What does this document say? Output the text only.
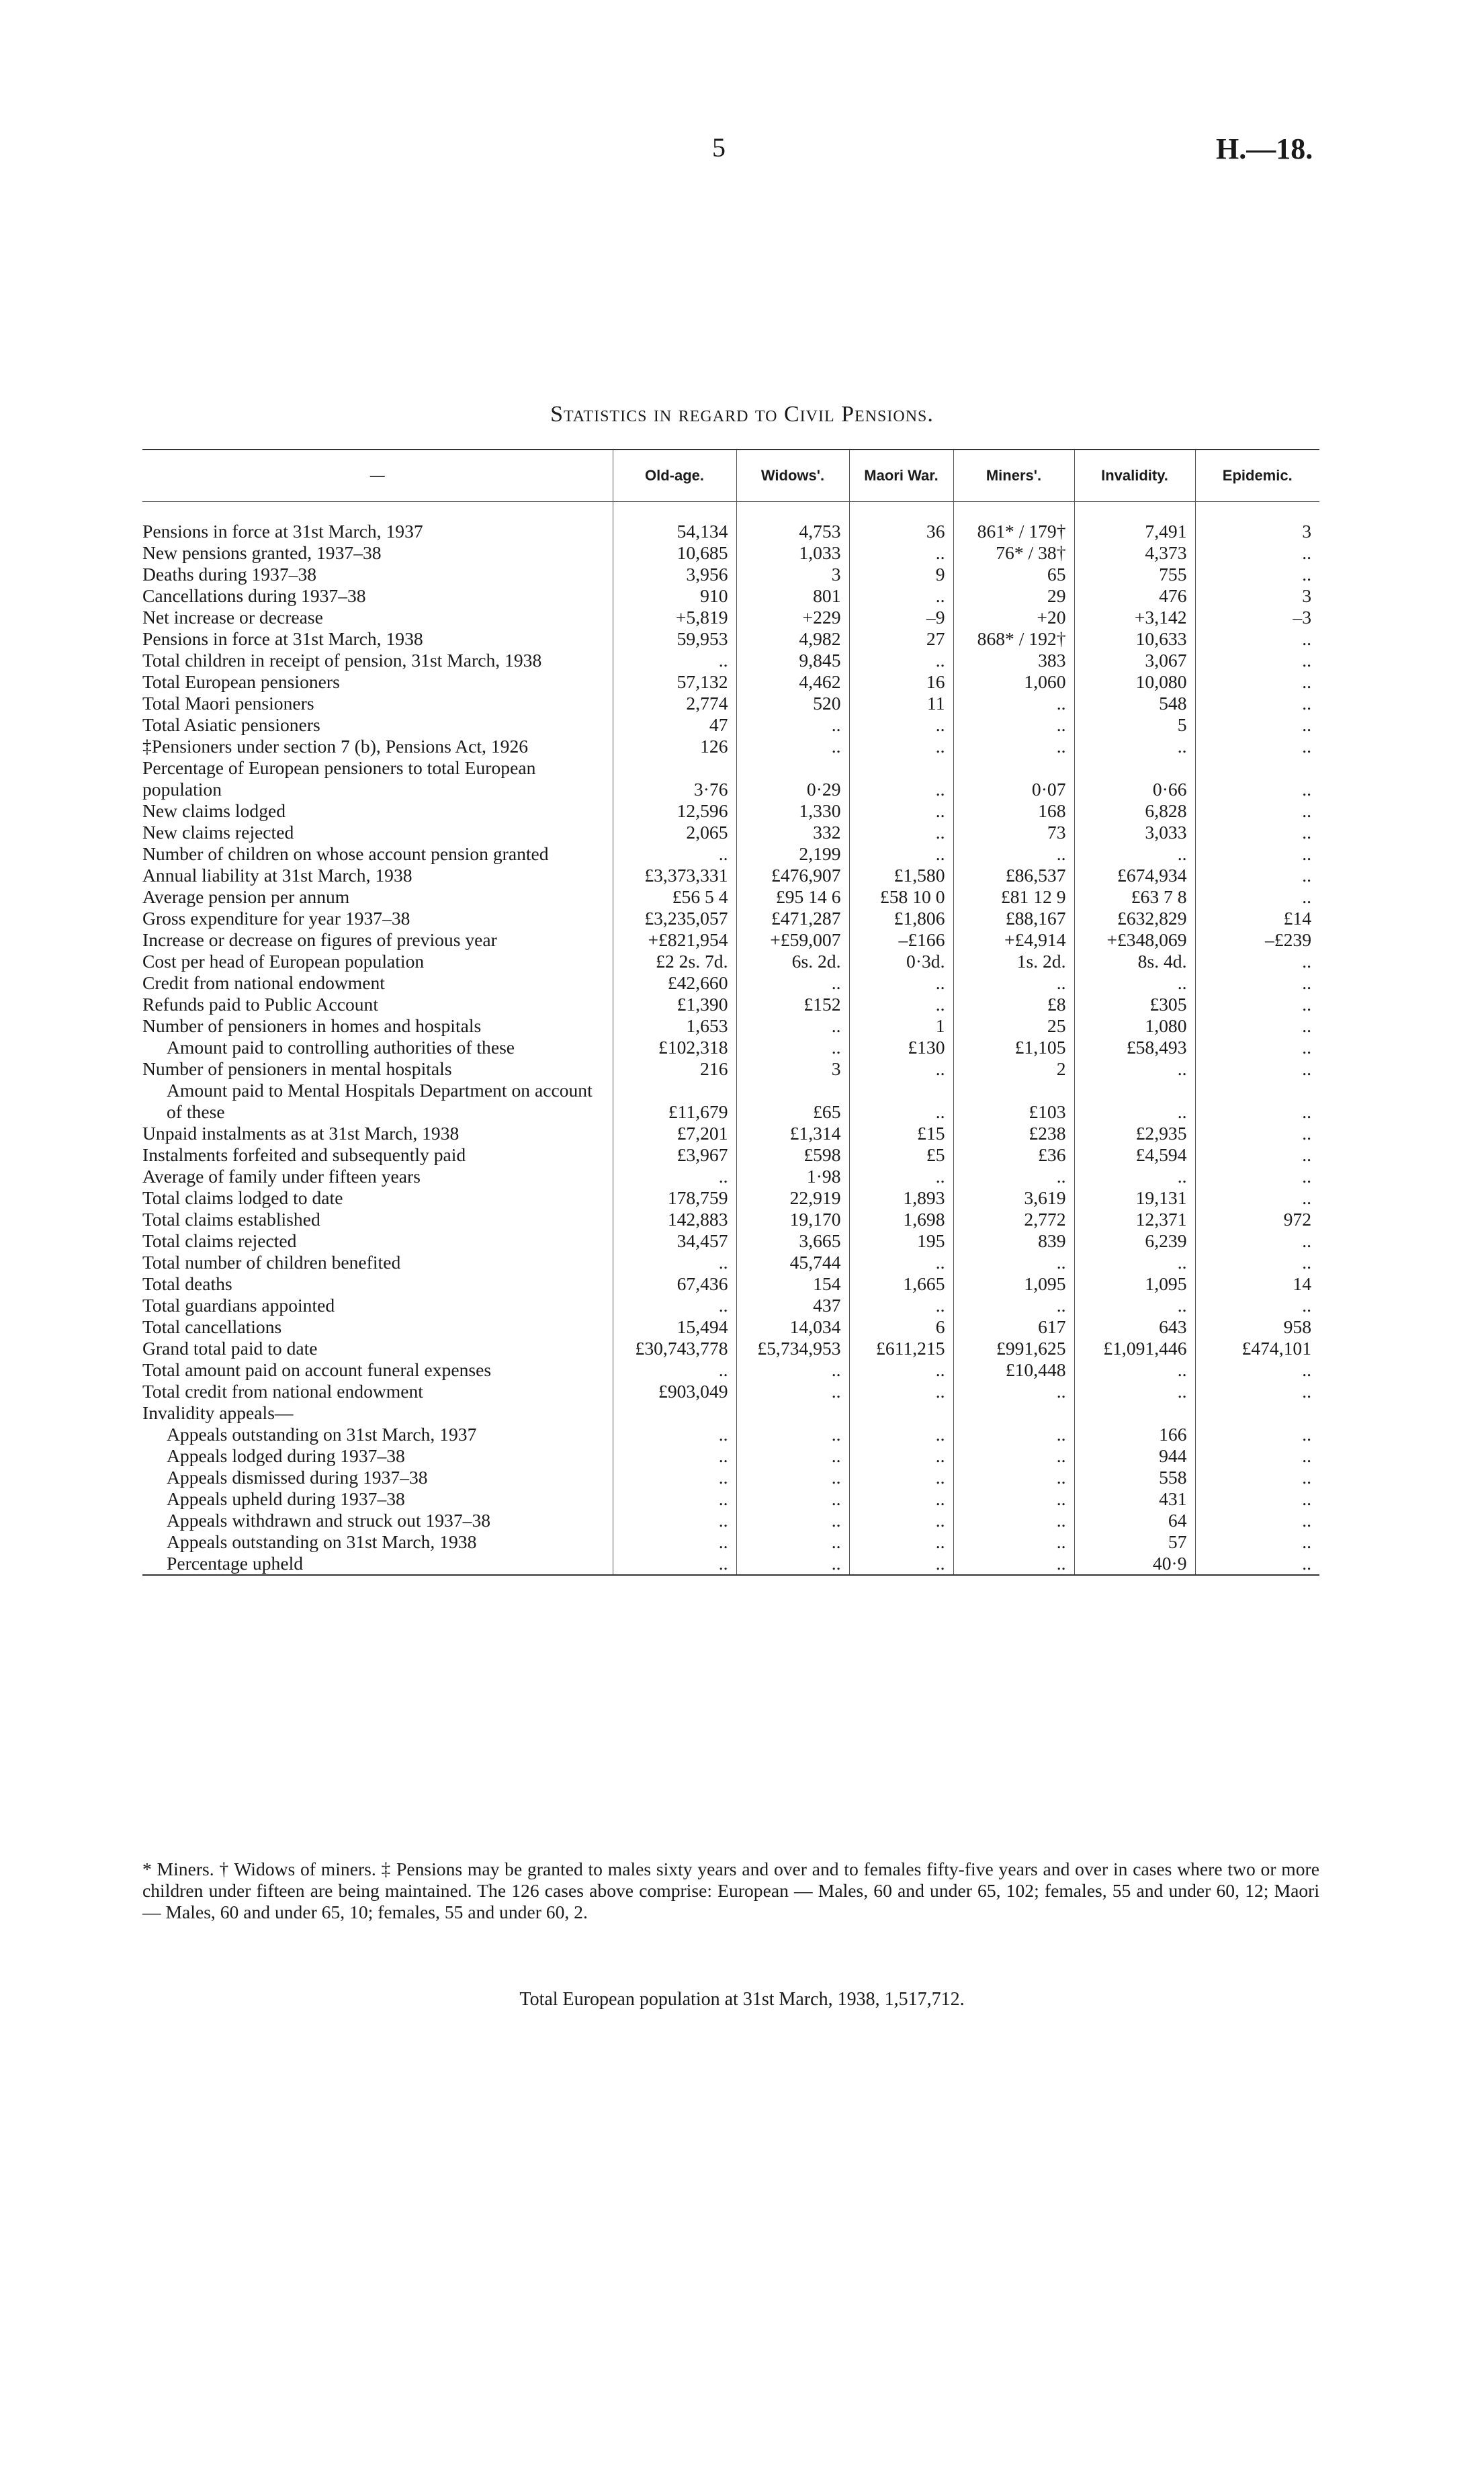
5	H.—18.
Statistics in regard to Civil Pensions.
—	Old-age.	Widows'.	Maori War.	Miners'.	Invalidity.	Epidemic.

Pensions in force at 31st March, 1937	54,134	4,753	36	861* / 179†	7,491	3
New pensions granted, 1937–38	10,685	1,033	..	76* / 38†	4,373	..
Deaths during 1937–38	3,956	3	9	65	755	..
Cancellations during 1937–38	910	801	..	29	476	3
Net increase or decrease	+5,819	+229	–9	+20	+3,142	–3
Pensions in force at 31st March, 1938	59,953	4,982	27	868* / 192†	10,633	..
Total children in receipt of pension, 31st March, 1938	..	9,845	..	383	3,067	..
Total European pensioners	57,132	4,462	16	1,060	10,080	..
Total Maori pensioners	2,774	520	11	..	548	..
Total Asiatic pensioners	47	..	..	..	5	..
‡Pensioners under section 7 (b), Pensions Act, 1926	126	..	..	..	..	..
Percentage of European pensioners to total European population	3·76	0·29	..	0·07	0·66	..
New claims lodged	12,596	1,330	..	168	6,828	..
New claims rejected	2,065	332	..	73	3,033	..
Number of children on whose account pension granted	..	2,199	..	..	..	..
Annual liability at 31st March, 1938	£3,373,331	£476,907	£1,580	£86,537	£674,934	..
Average pension per annum	£56 5 4	£95 14 6	£58 10 0	£81 12 9	£63 7 8	..
Gross expenditure for year 1937–38	£3,235,057	£471,287	£1,806	£88,167	£632,829	£14
Increase or decrease on figures of previous year	+£821,954	+£59,007	–£166	+£4,914	+£348,069	–£239
Cost per head of European population	£2 2s. 7d.	6s. 2d.	0·3d.	1s. 2d.	8s. 4d.	..
Credit from national endowment	£42,660	..	..	..	..	..
Refunds paid to Public Account	£1,390	£152	..	£8	£305	..
Number of pensioners in homes and hospitals	1,653	..	1	25	1,080	..
Amount paid to controlling authorities of these	£102,318	..	£130	£1,105	£58,493	..
Number of pensioners in mental hospitals	216	3	..	2	..	..
Amount paid to Mental Hospitals Department on account of these	£11,679	£65	..	£103	..	..
Unpaid instalments as at 31st March, 1938	£7,201	£1,314	£15	£238	£2,935	..
Instalments forfeited and subsequently paid	£3,967	£598	£5	£36	£4,594	..
Average of family under fifteen years	..	1·98	..	..	..	..
Total claims lodged to date	178,759	22,919	1,893	3,619	19,131	..
Total claims established	142,883	19,170	1,698	2,772	12,371	972
Total claims rejected	34,457	3,665	195	839	6,239	..
Total number of children benefited	..	45,744	..	..	..	..
Total deaths	67,436	154	1,665	1,095	1,095	14
Total guardians appointed	..	437	..	..	..	..
Total cancellations	15,494	14,034	6	617	643	958
Grand total paid to date	£30,743,778	£5,734,953	£611,215	£991,625	£1,091,446	£474,101
Total amount paid on account funeral expenses	..	..	..	£10,448	..	..
Total credit from national endowment	£903,049	..	..	..	..	..
Invalidity appeals—						
Appeals outstanding on 31st March, 1937	..	..	..	..	166	..
Appeals lodged during 1937–38	..	..	..	..	944	..
Appeals dismissed during 1937–38	..	..	..	..	558	..
Appeals upheld during 1937–38	..	..	..	..	431	..
Appeals withdrawn and struck out 1937–38	..	..	..	..	64	..
Appeals outstanding on 31st March, 1938	..	..	..	..	57	..
Percentage upheld	..	..	..	..	40·9	..
* Miners. † Widows of miners. ‡ Pensions may be granted to males sixty years and over and to females fifty-five years and over in cases where two or more children under fifteen are being maintained. The 126 cases above comprise: European — Males, 60 and under 65, 102; females, 55 and under 60, 12; Maori — Males, 60 and under 65, 10; females, 55 and under 60, 2.
Total European population at 31st March, 1938, 1,517,712.
